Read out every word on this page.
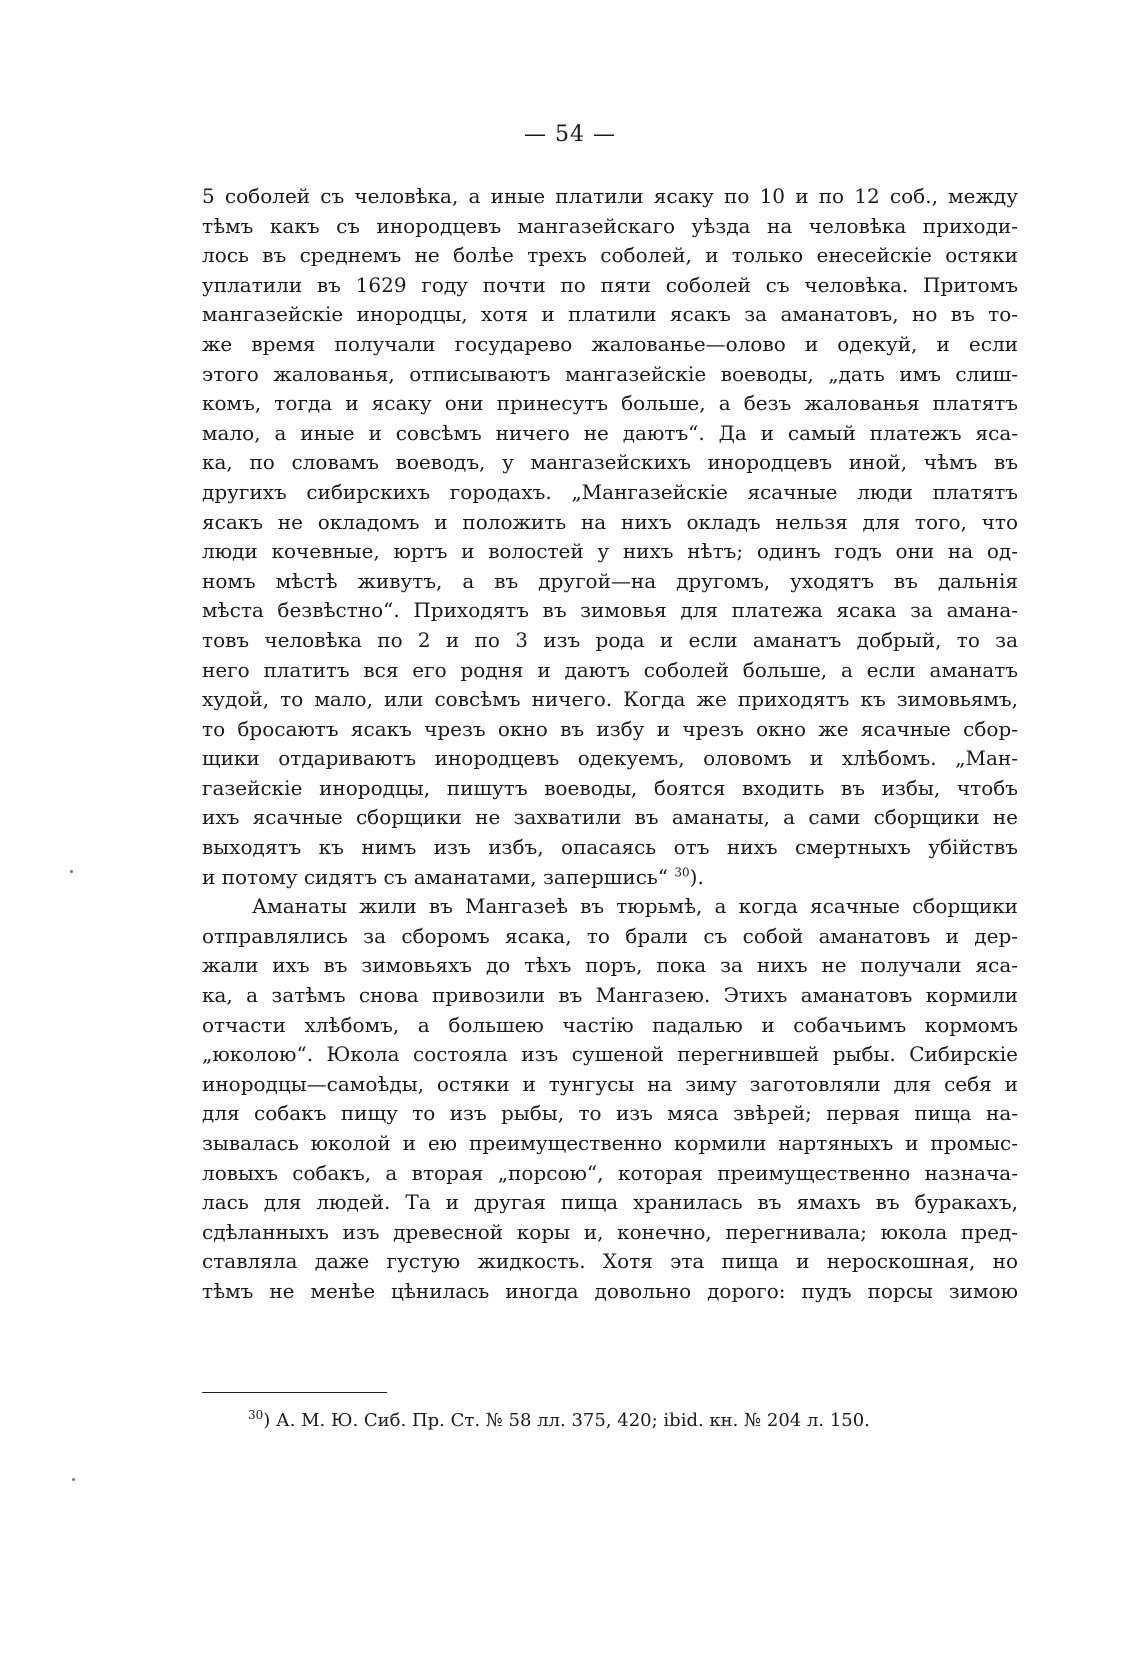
— 54 —
5 соболей съ человѣка, а иные платили ясаку по 10 и по 12 соб., между
тѣмъ какъ съ инородцевъ мангазейскаго уѣзда на человѣка приходи-
лось въ среднемъ не болѣе трехъ соболей, и только енесейскіе остяки
уплатили въ 1629 году почти по пяти соболей съ человѣка. Притомъ
мангазейскіе инородцы, хотя и платили ясакъ за аманатовъ, но въ то-
же время получали государево жалованье—олово и одекуй, и если
этого жалованья, отписываютъ мангазейскіе воеводы, „дать имъ слиш-
комъ, тогда и ясаку они принесутъ больше, а безъ жалованья платятъ
мало, а иные и совсѣмъ ничего не даютъ“. Да и самый платежъ яса-
ка, по словамъ воеводъ, у мангазейскихъ инородцевъ иной, чѣмъ въ
другихъ сибирскихъ городахъ. „Мангазейскіе ясачные люди платятъ
ясакъ не окладомъ и положить на нихъ окладъ нельзя для того, что
люди кочевные, юртъ и волостей у нихъ нѣтъ; одинъ годъ они на од-
номъ мѣстѣ живутъ, а въ другой—на другомъ, уходятъ въ дальнія
мѣста безвѣстно“. Приходятъ въ зимовья для платежа ясака за амана-
товъ человѣка по 2 и по 3 изъ рода и если аманатъ добрый, то за
него платитъ вся его родня и даютъ соболей больше, а если аманатъ
худой, то мало, или совсѣмъ ничего. Когда же приходятъ къ зимовьямъ,
то бросаютъ ясакъ чрезъ окно въ избу и чрезъ окно же ясачные сбор-
щики отдариваютъ инородцевъ одекуемъ, оловомъ и хлѣбомъ. „Ман-
газейскіе инородцы, пишутъ воеводы, боятся входить въ избы, чтобъ
ихъ ясачные сборщики не захватили въ аманаты, а сами сборщики не
выходятъ къ нимъ изъ избъ, опасаясь отъ нихъ смертныхъ убійствъ
и потому сидятъ съ аманатами, запершись“ $^{30}$).
Аманаты жили въ Мангазеѣ въ тюрьмѣ, а когда ясачные сборщики
отправлялись за сборомъ ясака, то брали съ собой аманатовъ и дер-
жали ихъ въ зимовьяхъ до тѣхъ поръ, пока за нихъ не получали яса-
ка, а затѣмъ снова привозили въ Мангазею. Этихъ аманатовъ кормили
отчасти хлѣбомъ, а большею частію падалью и собачьимъ кормомъ
„юколою“. Юкола состояла изъ сушеной перегнившей рыбы. Сибирскіе
инородцы—самоѣды, остяки и тунгусы на зиму заготовляли для себя и
для собакъ пищу то изъ рыбы, то изъ мяса звѣрей; первая пища на-
зывалась юколой и ею преимущественно кормили нартяныхъ и промыс-
ловыхъ собакъ, а вторая „порсою“, которая преимущественно назнача-
лась для людей. Та и другая пища хранилась въ ямахъ въ буракахъ,
сдѣланныхъ изъ древесной коры и, конечно, перегнивала; юкола пред-
ставляла даже густую жидкость. Хотя эта пища и нероскошная, но
тѣмъ не менѣе цѣнилась иногда довольно дорого: пудъ порсы зимою
$^{30}$) А. М. Ю. Сиб. Пр. Ст. № 58 лл. 375, 420; ibid. кн. № 204 л. 150.
